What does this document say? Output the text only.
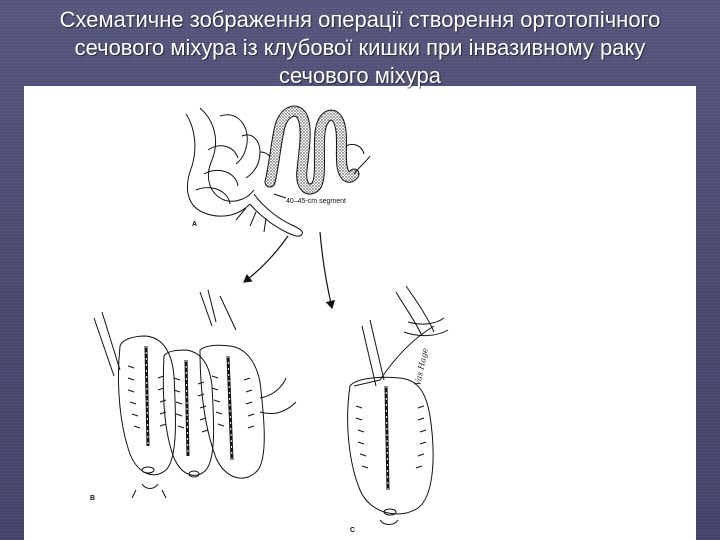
Схематичне зображення операції створення ортотопічного
сечового міхура із клубової кишки при інвазивному раку
сечового міхура
40–45-cm segment
A
B
C
Vas Hage
